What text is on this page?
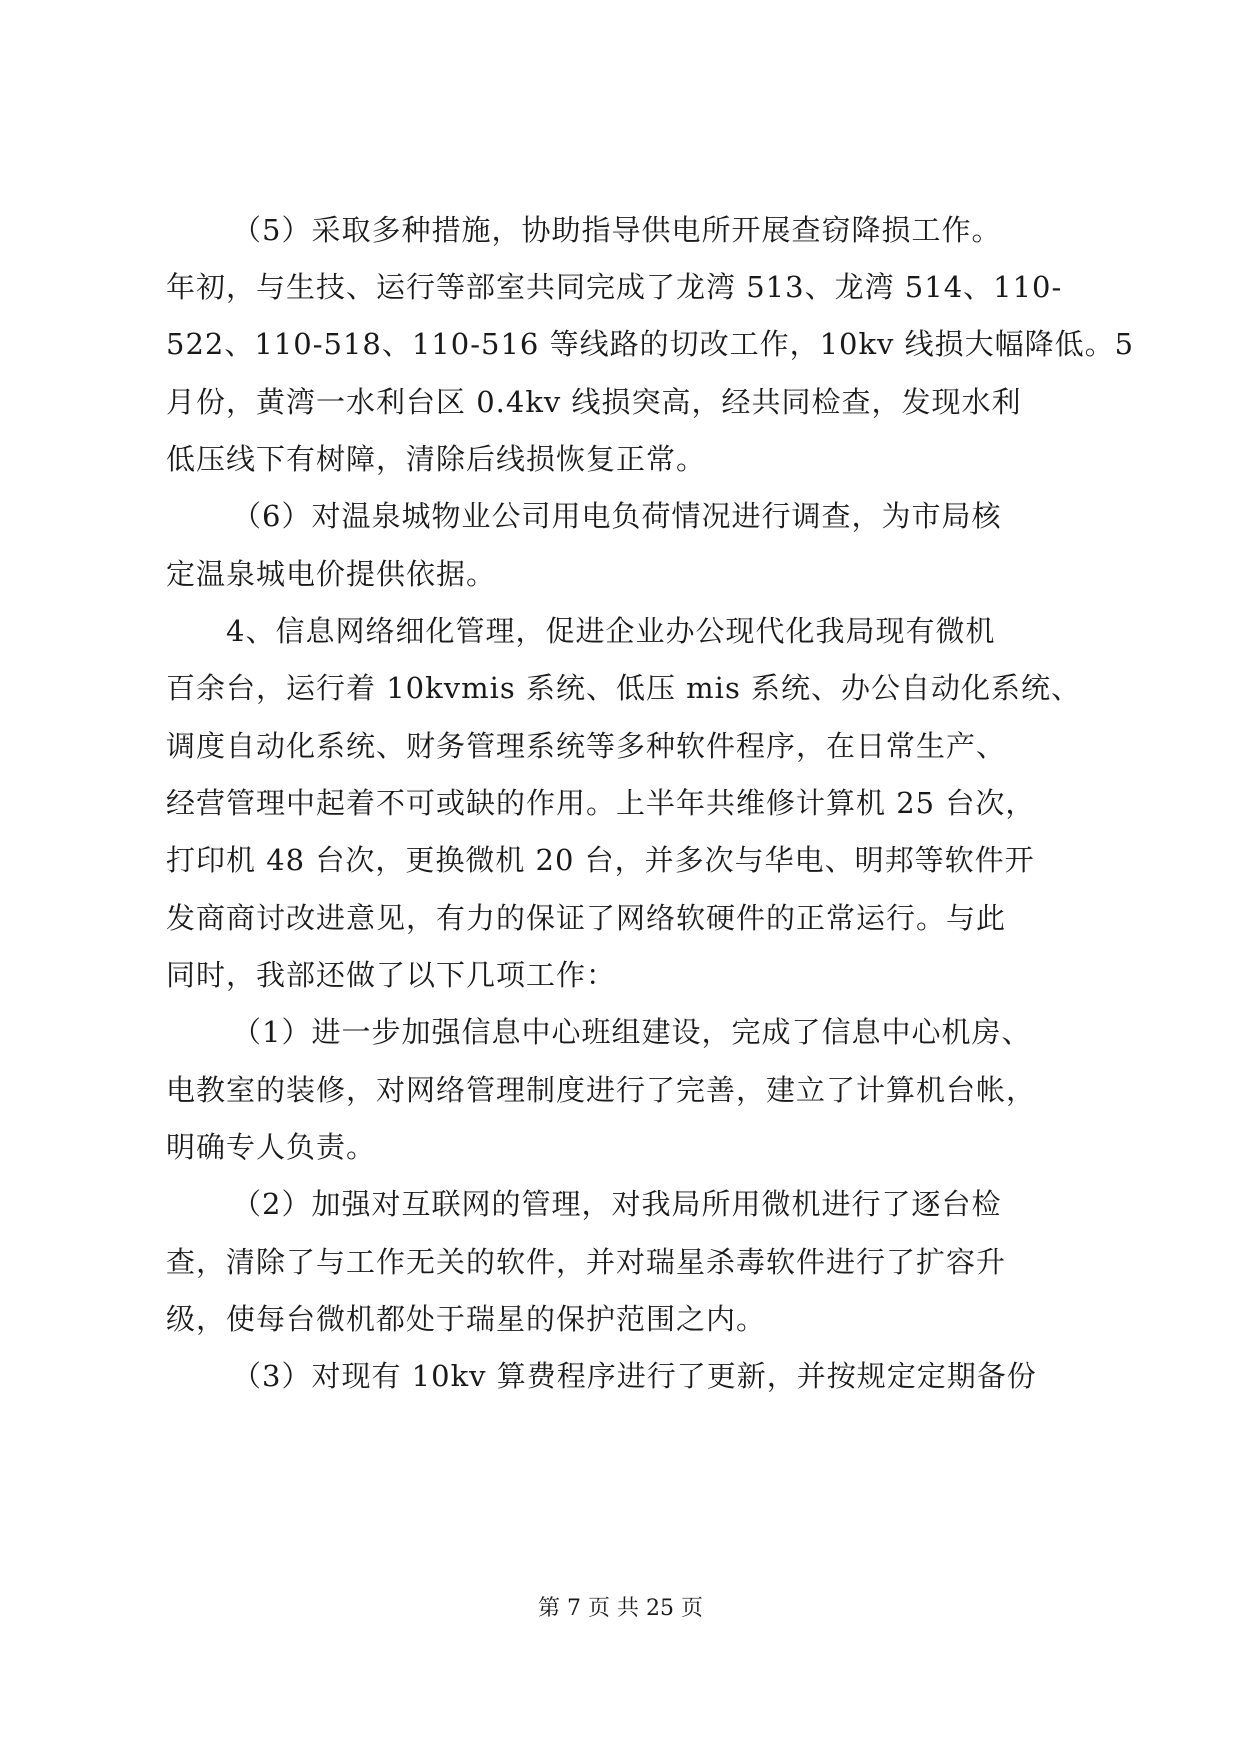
（5）采取多种措施，协助指导供电所开展查窃降损工作。
年初，与生技、运行等部室共同完成了龙湾 513、龙湾 514、110-
522、110-518、110-516 等线路的切改工作，10kv 线损大幅降低。5
月份，黄湾一水利台区 0.4kv 线损突高，经共同检查，发现水利
低压线下有树障，清除后线损恢复正常。
（6）对温泉城物业公司用电负荷情况进行调查，为市局核
定温泉城电价提供依据。
4、信息网络细化管理，促进企业办公现代化我局现有微机
百余台，运行着 10kvmis 系统、低压 mis 系统、办公自动化系统、
调度自动化系统、财务管理系统等多种软件程序，在日常生产、
经营管理中起着不可或缺的作用。上半年共维修计算机 25 台次，
打印机 48 台次，更换微机 20 台，并多次与华电、明邦等软件开
发商商讨改进意见，有力的保证了网络软硬件的正常运行。与此
同时，我部还做了以下几项工作：
（1）进一步加强信息中心班组建设，完成了信息中心机房、
电教室的装修，对网络管理制度进行了完善，建立了计算机台帐，
明确专人负责。
（2）加强对互联网的管理，对我局所用微机进行了逐台检
查，清除了与工作无关的软件，并对瑞星杀毒软件进行了扩容升
级，使每台微机都处于瑞星的保护范围之内。
（3）对现有 10kv 算费程序进行了更新，并按规定定期备份
第 7 页 共 25 页
